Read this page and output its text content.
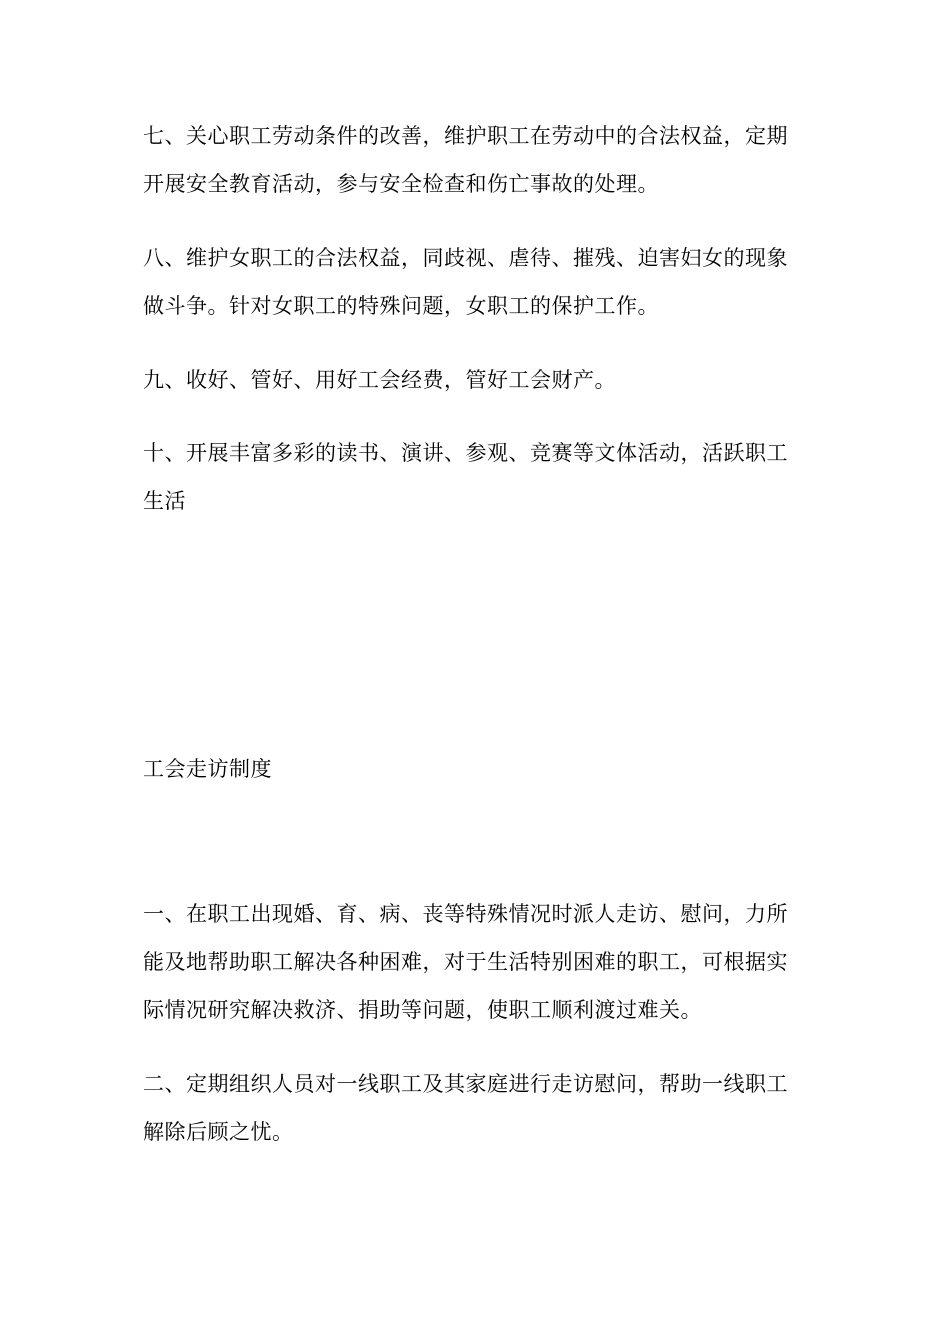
七、关心职工劳动条件的改善，维护职工在劳动中的合法权益，定期
开展安全教育活动，参与安全检查和伤亡事故的处理。

八、维护女职工的合法权益，同歧视、虐待、摧残、迫害妇女的现象
做斗争。针对女职工的特殊问题，女职工的保护工作。

九、收好、管好、用好工会经费，管好工会财产。

十、开展丰富多彩的读书、演讲、参观、竞赛等文体活动，活跃职工
生活

工会走访制度

一、在职工出现婚、育、病、丧等特殊情况时派人走访、慰问，力所
能及地帮助职工解决各种困难，对于生活特别困难的职工，可根据实
际情况研究解决救济、捐助等问题，使职工顺利渡过难关。

二、定期组织人员对一线职工及其家庭进行走访慰问，帮助一线职工
解除后顾之忧。
